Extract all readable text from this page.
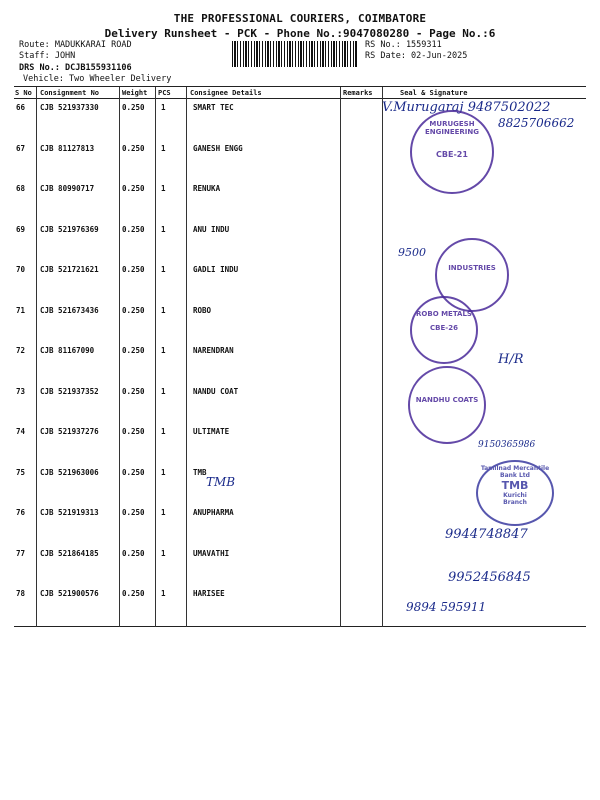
THE PROFESSIONAL COURIERS, COIMBATORE
Delivery Runsheet - PCK - Phone No.:9047080280 - Page No.:6
Route: MADUKKARAI ROAD
Staff: JOHN
DRS No.: DCJB155931106
Vehicle: Two Wheeler Delivery
RS No.: 1559311
RS Date: 02-Jun-2025
S No Consignment No	Weight PCS	Consignee Details	Remarks	Seal & Signature
66 CJB 521937330	0.250 1	SMART TEC
67 CJB 81127813	0.250 1	GANESH ENGG
68 CJB 80990717	0.250 1	RENUKA
69 CJB 521976369	0.250 1	ANU INDU
70 CJB 521721621	0.250 1	GADLI INDU
71 CJB 521673436	0.250 1	ROBO
72 CJB 81167090	0.250 1	NARENDRAN
73 CJB 521937352	0.250 1	NANDU COAT
74 CJB 521937276	0.250 1	ULTIMATE
75 CJB 521963006	0.250 1	TMB
76 CJB 521919313	0.250 1	ANUPHARMA
77 CJB 521864185	0.250 1	UMAVATHI
78 CJB 521900576	0.250 1	HARISEE
V.Murugaraj 9487502022
8825706662
9500
H/R
9150365986
TMB
9944748847
9952456845
9894 595911
MURUGESH ENGINEERING
CBE-21
INDUSTRIES
ROBO METALS
CBE-26
NANDHU COATS
Tamilnad Mercantile Bank Ltd
TMB
Kurichi
Branch
